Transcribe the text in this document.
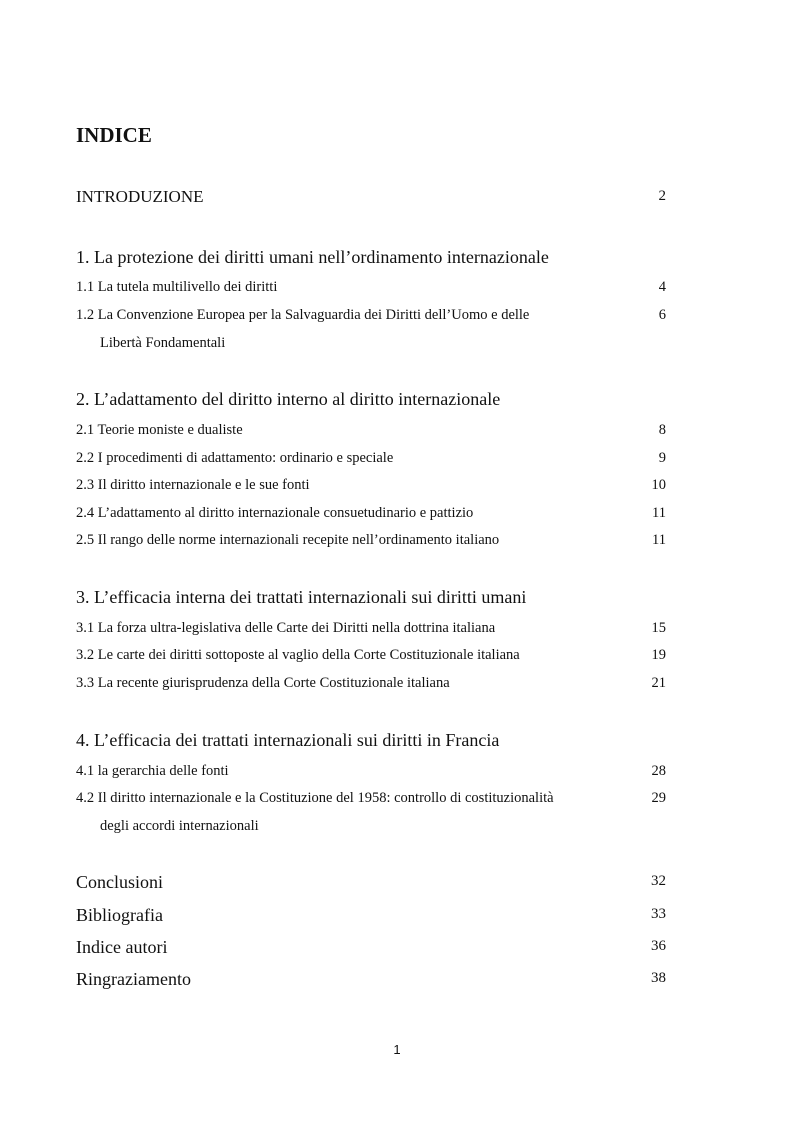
INDICE
INTRODUZIONE	2
1. La protezione dei diritti umani nell’ordinamento internazionale
1.1 La tutela multilivello dei diritti	4
1.2 La Convenzione Europea per la Salvaguardia dei Diritti dell’Uomo e delle	6
Libertà Fondamentali
2. L’adattamento del diritto interno al diritto internazionale
2.1 Teorie moniste e dualiste	8
2.2 I procedimenti di adattamento: ordinario e speciale	9
2.3 Il diritto internazionale e le sue fonti	10
2.4 L’adattamento al diritto internazionale consuetudinario e pattizio	11
2.5 Il rango delle norme internazionali recepite nell’ordinamento italiano	11
3. L’efficacia interna dei trattati internazionali sui diritti umani
3.1 La forza ultra-legislativa delle Carte dei Diritti nella dottrina italiana	15
3.2 Le carte dei diritti sottoposte al vaglio della Corte Costituzionale italiana	19
3.3 La recente giurisprudenza della Corte Costituzionale italiana	21
4. L’efficacia dei trattati internazionali sui diritti in Francia
4.1 la gerarchia delle fonti	28
4.2 Il diritto internazionale e la Costituzione del 1958: controllo di costituzionalità	29
degli accordi internazionali
Conclusioni	32
Bibliografia	33
Indice autori	36
Ringraziamento	38
1
